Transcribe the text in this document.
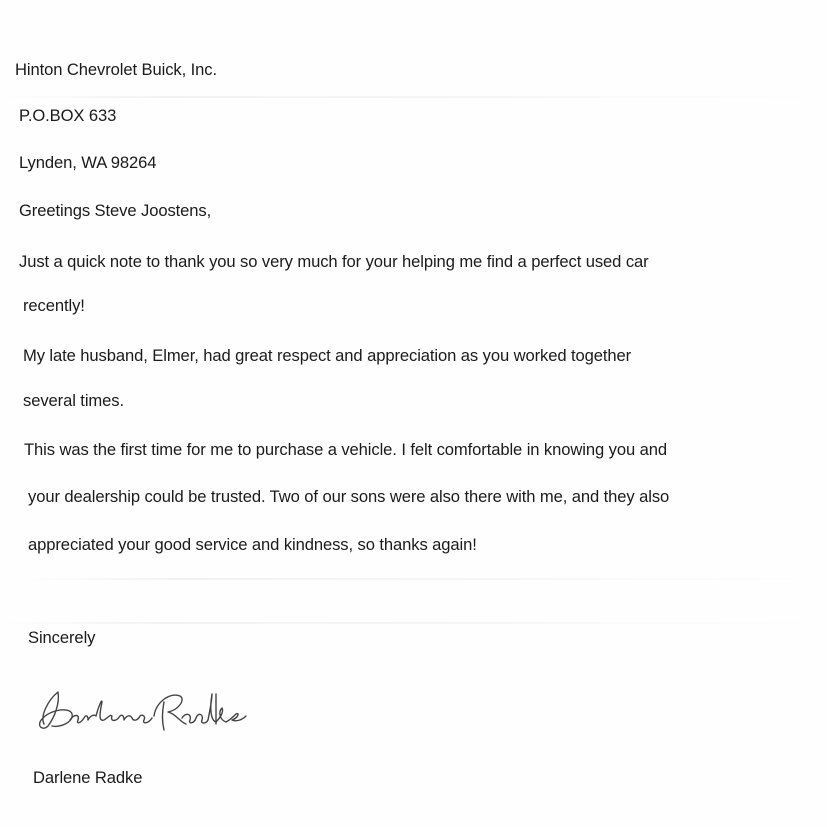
Hinton Chevrolet Buick, Inc.
P.O.BOX 633
Lynden, WA 98264
Greetings Steve Joostens,
Just a quick note to thank you so very much for your helping me find a perfect used car
recently!
My late husband, Elmer, had great respect and appreciation as you worked together
several times.
This was the first time for me to purchase a vehicle. I felt comfortable in knowing you and
your dealership could be trusted. Two of our sons were also there with me, and they also
appreciated your good service and kindness, so thanks again!
Sincerely
Darlene Radke
